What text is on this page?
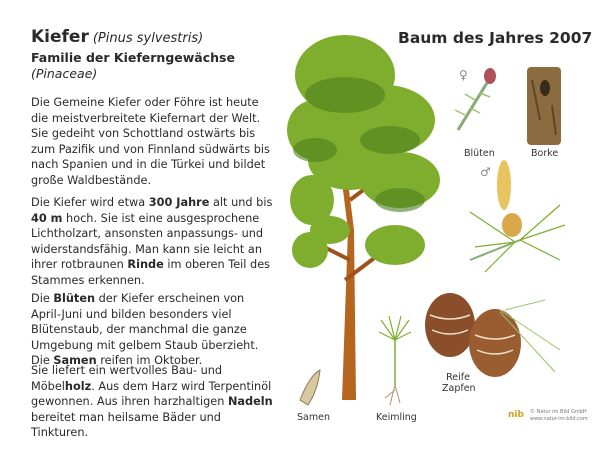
Kiefer (Pinus sylvestris)
Familie der Kieferngewächse
(Pinaceae)
Die Gemeine Kiefer oder Föhre ist heute die meistverbreitete Kiefernart der Welt. Sie gedeiht von Schottland ostwärts bis zum Pazifik und von Finnland südwärts bis nach Spanien und in die Türkei und bildet große Waldbestände.
Die Kiefer wird etwa 300 Jahre alt und bis 40 m hoch. Sie ist eine ausgesprochene Lichtholzart, ansonsten anpassungs- und widerstandsfähig. Man kann sie leicht an ihrer rotbraunen Rinde im oberen Teil des Stammes erkennen.
Die Blüten der Kiefer erscheinen von April-Juni und bilden besonders viel Blütenstaub, der manchmal die ganze Umgebung mit gelbem Staub überzieht. Die Samen reifen im Oktober.
Sie liefert ein wertvolles Bau- und Möbelholz. Aus dem Harz wird Terpentinöl gewonnen. Aus ihren harzhaltigen Nadeln bereitet man heilsame Bäder und Tinkturen.
Baum des Jahres 2007
♀
♂
Blüten	Borke
Reife Zapfen
Samen	Keimling	nib © Natur im Bild GmbH
www.natur-im-bild.com
